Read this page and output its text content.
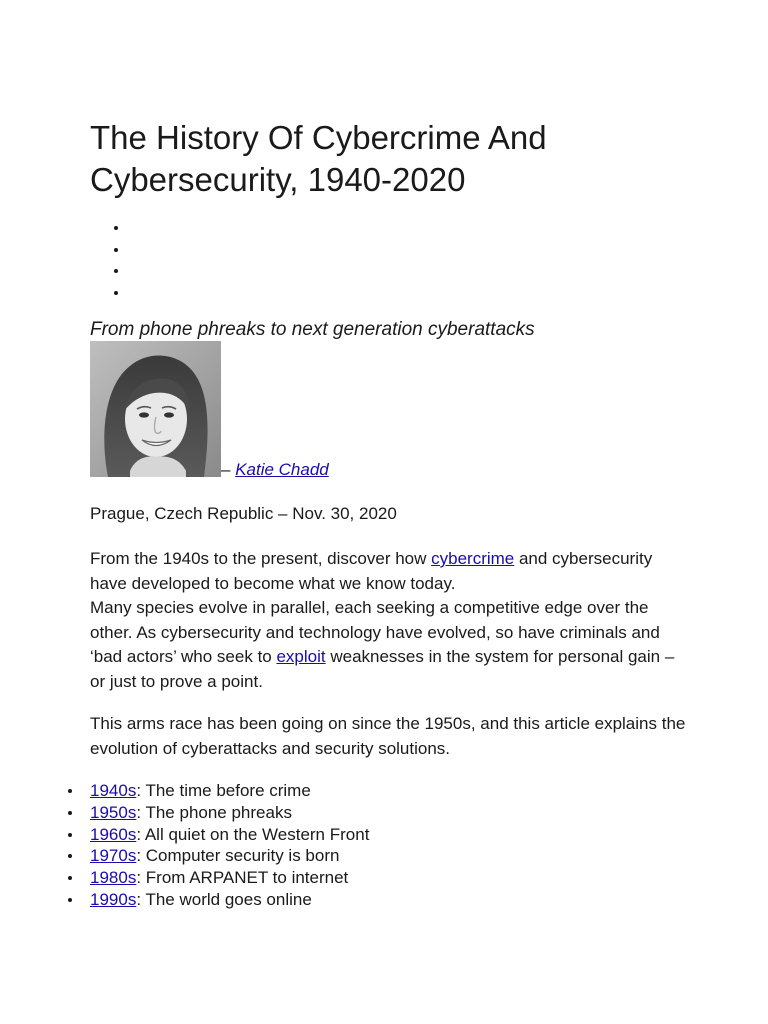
The History Of Cybercrime And Cybersecurity, 1940-2020

From phone phreaks to next generation cyberattacks

– Katie Chadd

Prague, Czech Republic – Nov. 30, 2020

From the 1940s to the present, discover how cybercrime and cybersecurity have developed to become what we know today.
Many species evolve in parallel, each seeking a competitive edge over the other. As cybersecurity and technology have evolved, so have criminals and ‘bad actors’ who seek to exploit weaknesses in the system for personal gain – or just to prove a point.

This arms race has been going on since the 1950s, and this article explains the evolution of cyberattacks and security solutions.

1940s: The time before crime
1950s: The phone phreaks
1960s: All quiet on the Western Front
1970s: Computer security is born
1980s: From ARPANET to internet
1990s: The world goes online
